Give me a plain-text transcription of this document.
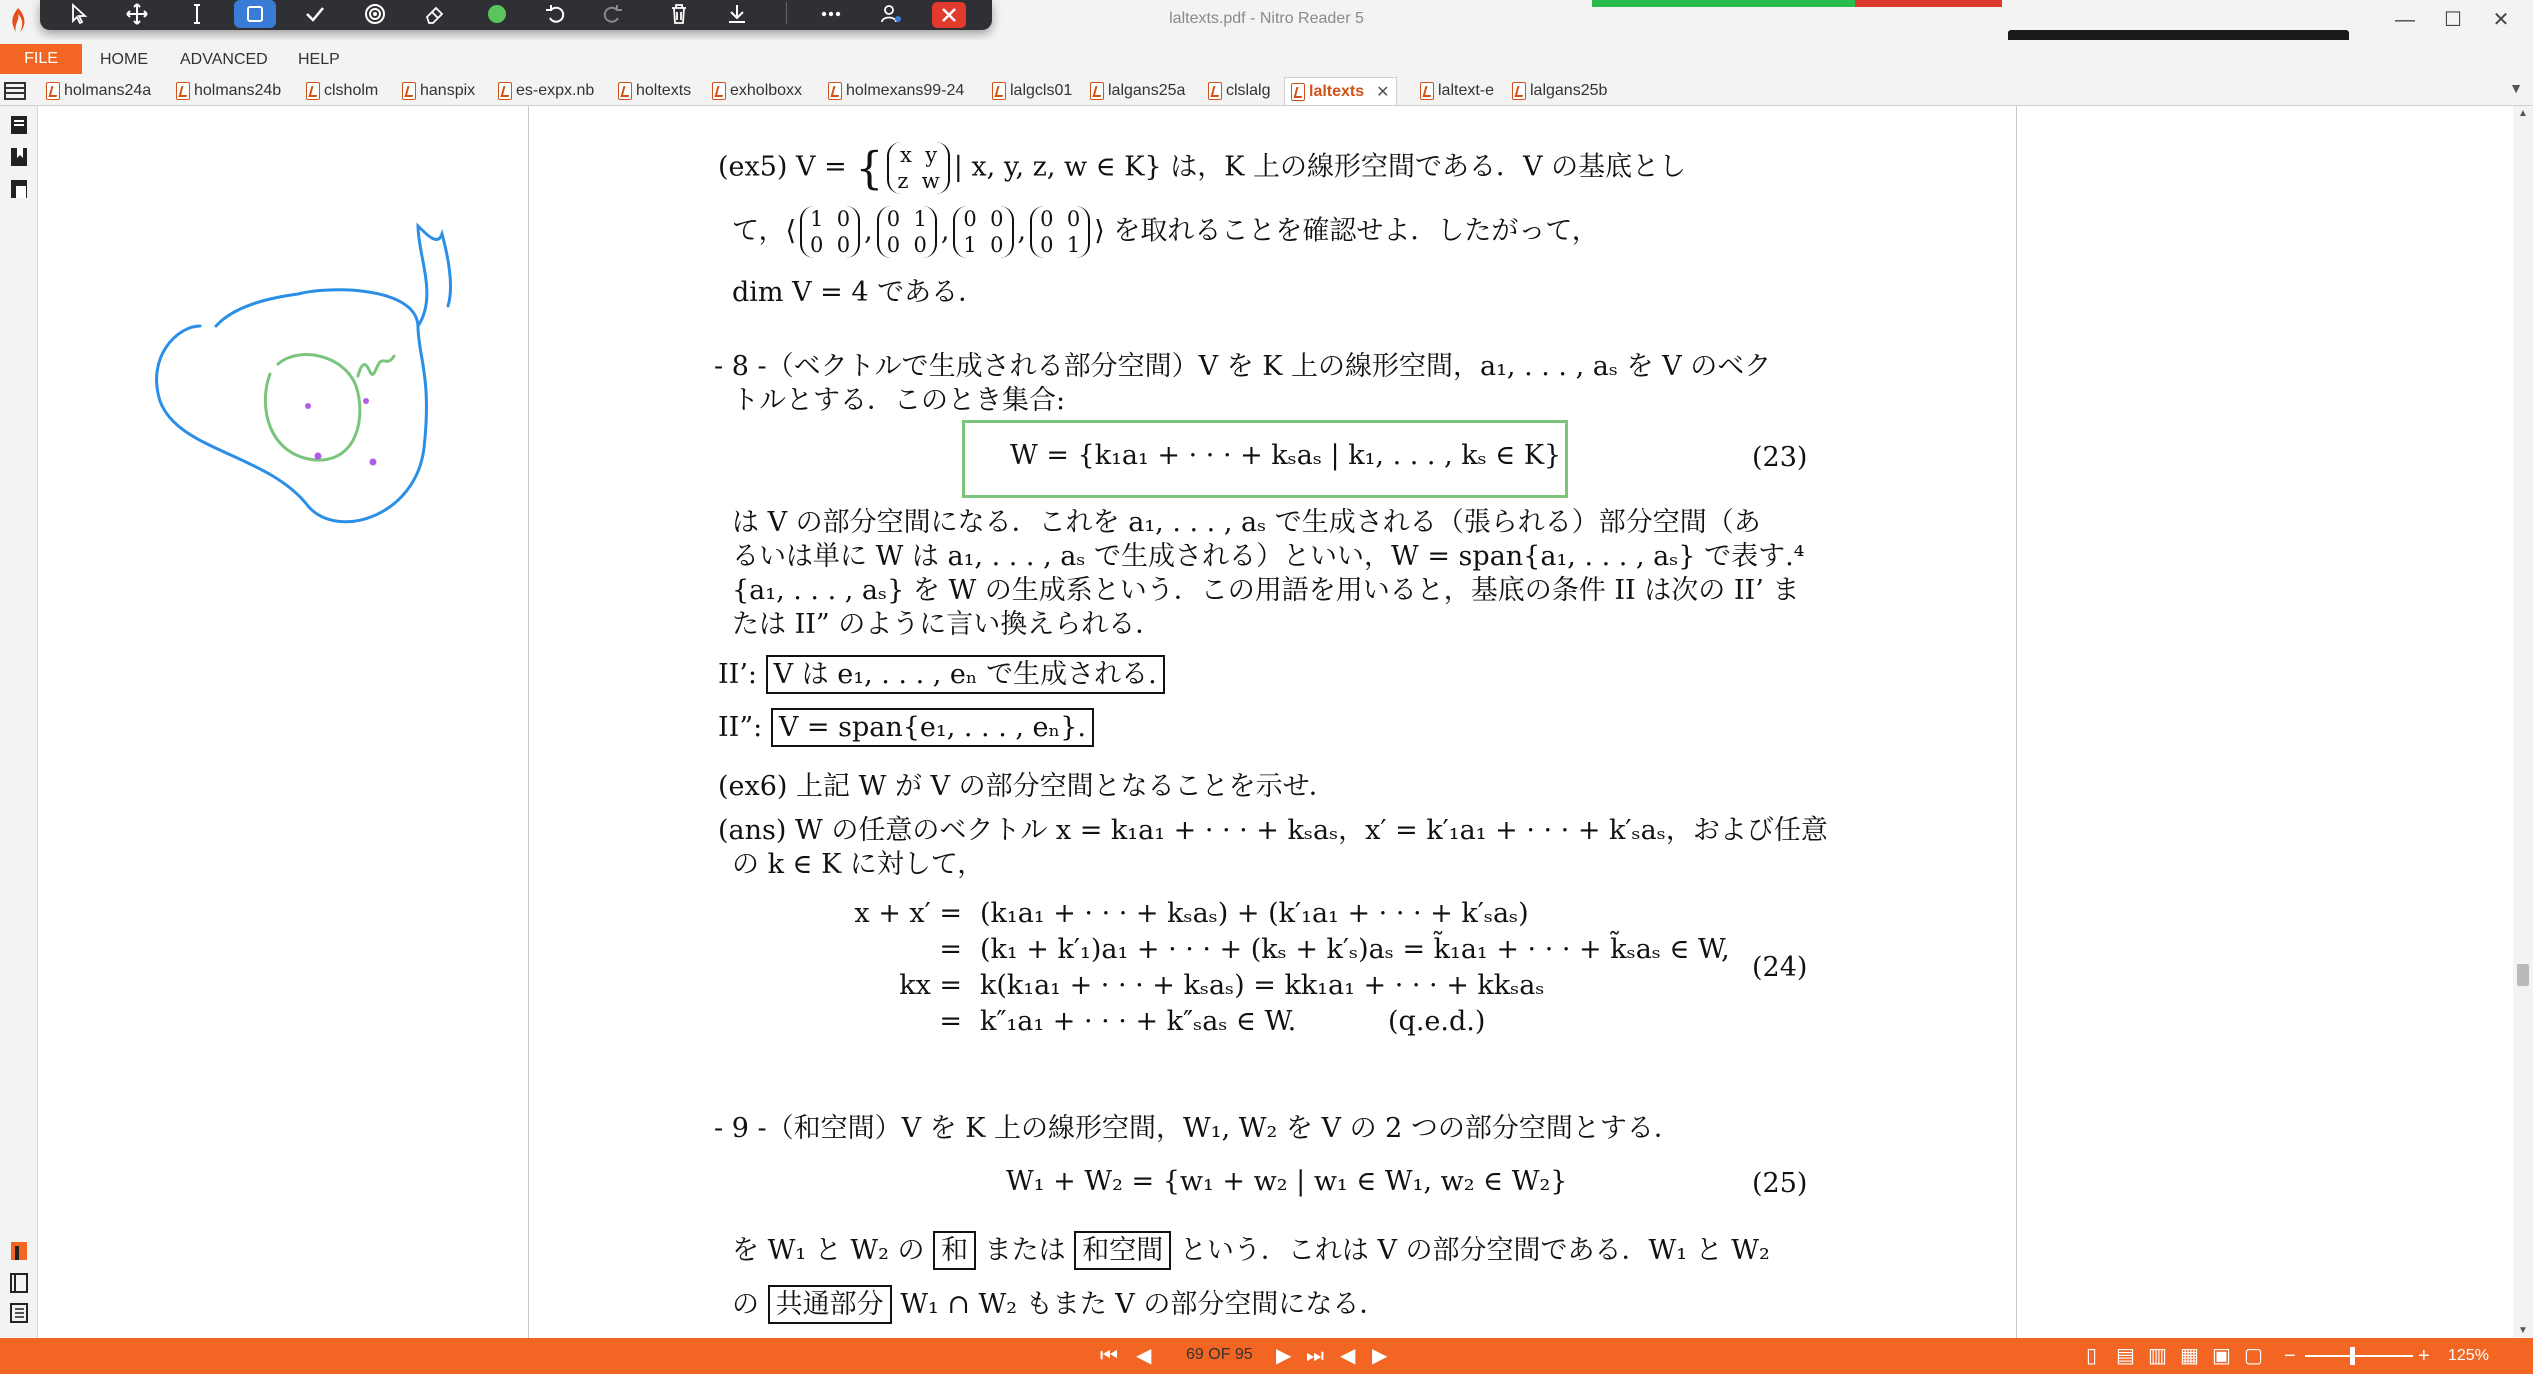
laltexts.pdf - Nitro Reader 5	—	☐	✕
FILE	HOME ADVANCED HELP
holmans24a	holmans24b	clsholm	hanspix	es-expx.nb	holtexts exholboxx	holmexans99-24	lalgcls01 lalgans25a	clslalg laltexts ✕	laltext-e lalgans25b	▼
(ex5) V = { x y
z w | x, y, z, w ∈ K} は，K 上の線形空間である．V の基底とし
て，⟨ 1 0
0 0 , 0 1
0 0 , 0 0
1 0 , 0 0
0 1 ⟩ を取れることを確認せよ．したがって，
dim V = 4 である．
- 8 -（ベクトルで生成される部分空間）V を K 上の線形空間，a₁, . . . , aₛ を V のベク
トルとする．このとき集合:
W = {k₁a₁ + · · · + kₛaₛ | k₁, . . . , kₛ ∈ K}	(23)
は V の部分空間になる．これを a₁, . . . , aₛ で生成される（張られる）部分空間（あ
るいは単に W は a₁, . . . , aₛ で生成される）といい，W = span{a₁, . . . , aₛ} で表す.⁴
{a₁, . . . , aₛ} を W の生成系という．この用語を用いると，基底の条件 II は次の II’ ま
たは II” のように言い換えられる．
II’: V は e₁, . . . , eₙ で生成される.
II”: V = span{e₁, . . . , eₙ}.
(ex6) 上記 W が V の部分空間となることを示せ．
(ans) W の任意のベクトル x = k₁a₁ + · · · + kₛaₛ，x′ = k′₁a₁ + · · · + k′ₛaₛ，および任意
の k ∈ K に対して，
x + x′ = (k₁a₁ + · · · + kₛaₛ) + (k′₁a₁ + · · · + k′ₛaₛ)
= (k₁ + k′₁)a₁ + · · · + (kₛ + k′ₛ)aₛ = k̃₁a₁ + · · · + k̃ₛaₛ ∈ W,
kx = k(k₁a₁ + · · · + kₛaₛ) = kk₁a₁ + · · · + kkₛaₛ
= k″₁a₁ + · · · + k″ₛaₛ ∈ W.	(q.e.d.)
(24)
- 9 -（和空間）V を K 上の線形空間，W₁, W₂ を V の 2 つの部分空間とする．
W₁ + W₂ = {w₁ + w₂ | w₁ ∈ W₁, w₂ ∈ W₂}	(25)
を W₁ と W₂ の 和 または 和空間 という．これは V の部分空間である．W₁ と W₂
の 共通部分 W₁ ∩ W₂ もまた V の部分空間になる．
▲
▼
⏮ ◀ 69 OF 95 ▶ ⏭ ◀ ▶	▯ ▤ ▥ ▦ ▣ ▢ −	+ 125%
